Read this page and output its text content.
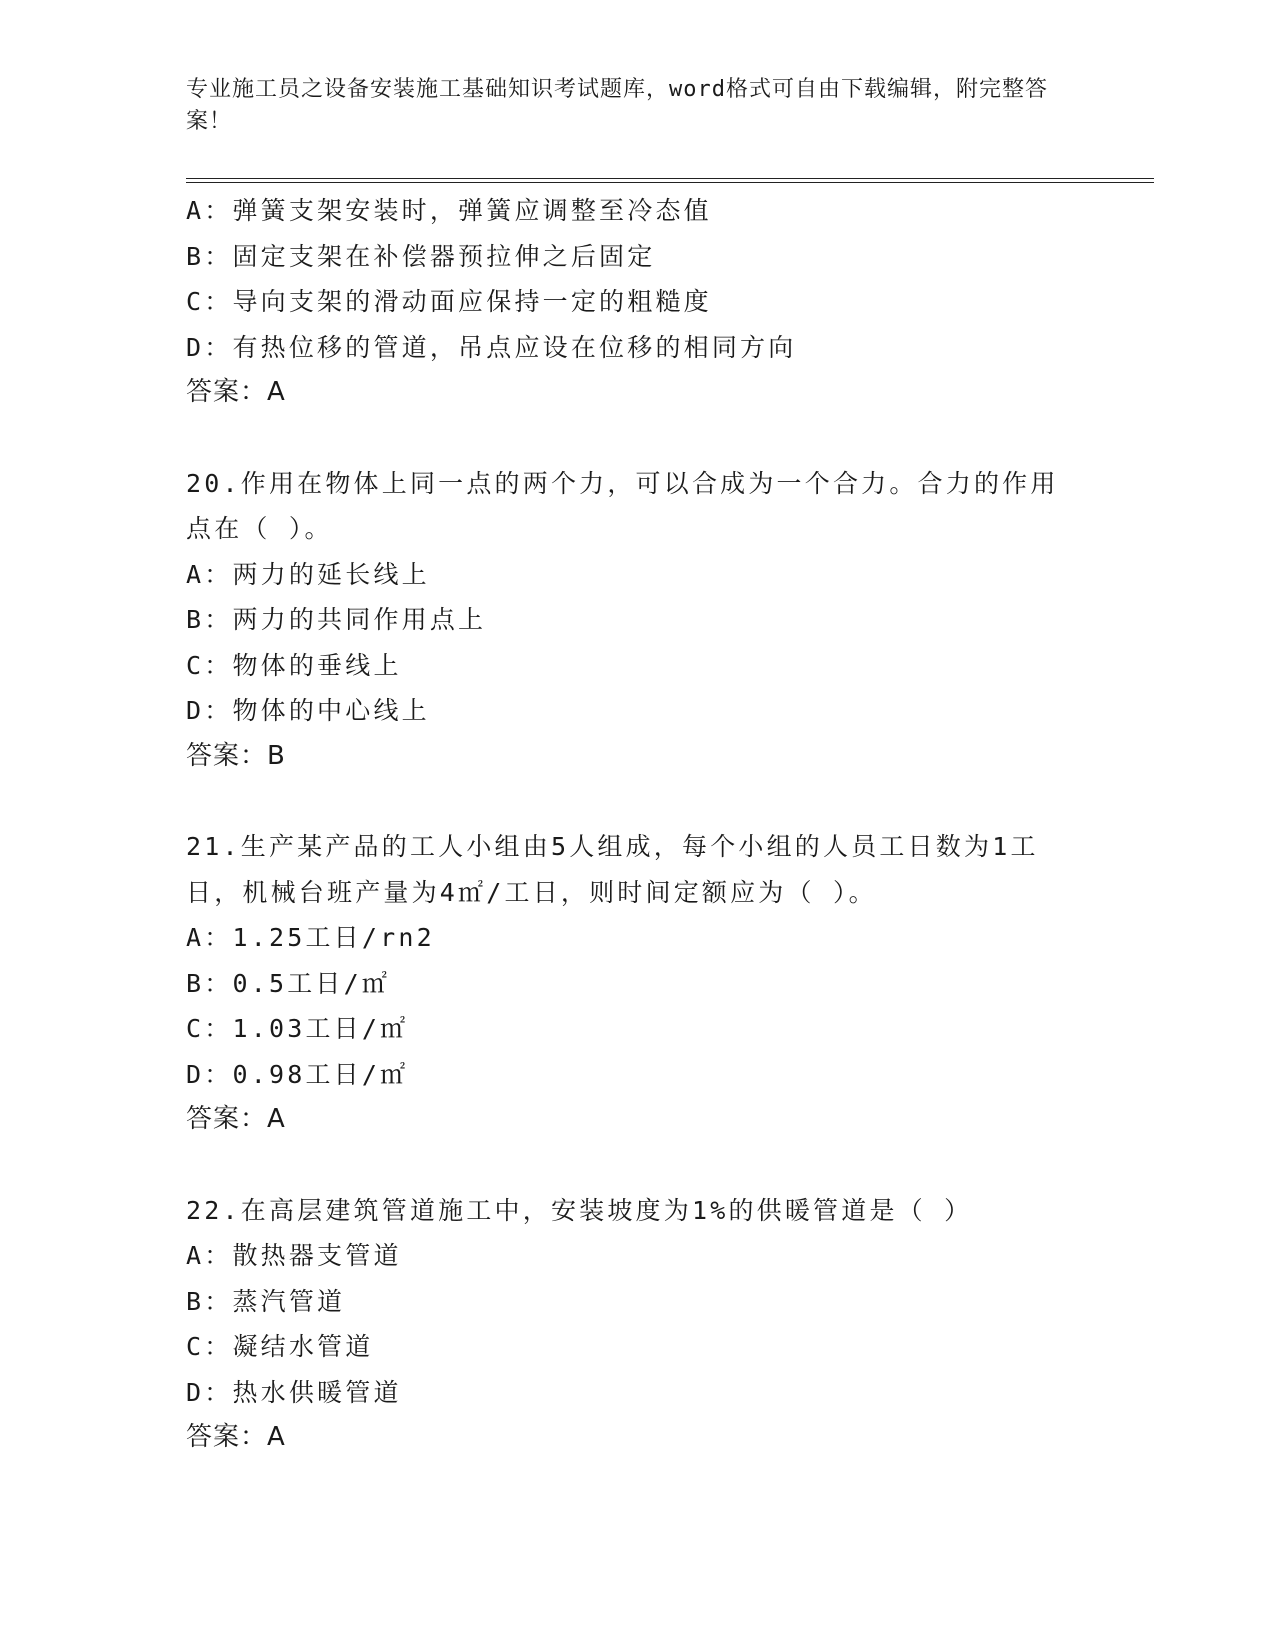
专业施工员之设备安装施工基础知识考试题库，word格式可自由下载编辑，附完整答案！
A：弹簧支架安装时，弹簧应调整至冷态值
B：固定支架在补偿器预拉伸之后固定
C：导向支架的滑动面应保持一定的粗糙度
D：有热位移的管道，吊点应设在位移的相同方向
答案：A
20.作用在物体上同一点的两个力，可以合成为一个合力。合力的作用点在（ ）。
A：两力的延长线上
B：两力的共同作用点上
C：物体的垂线上
D：物体的中心线上
答案：B
21.生产某产品的工人小组由5人组成，每个小组的人员工日数为1工日，机械台班产量为4㎡/工日，则时间定额应为（ ）。
A：1.25工日/rn2
B：0.5工日/㎡
C：1.03工日/㎡
D：0.98工日/㎡
答案：A
22.在高层建筑管道施工中，安装坡度为1%的供暖管道是（ ）
A：散热器支管道
B：蒸汽管道
C：凝结水管道
D：热水供暖管道
答案：A
